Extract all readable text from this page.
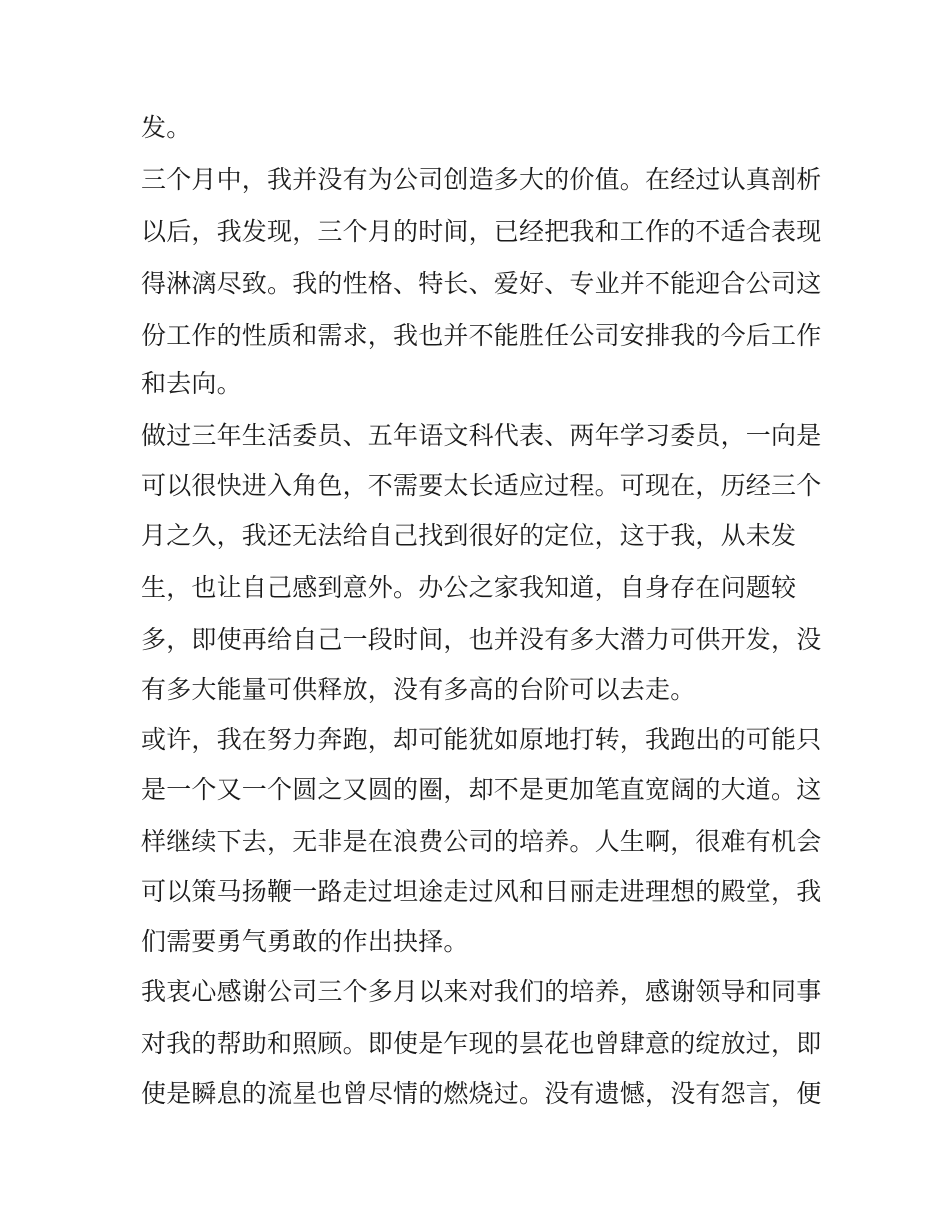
发。

三个月中，我并没有为公司创造多大的价值。在经过认真剖析

以后，我发现，三个月的时间，已经把我和工作的不适合表现

得淋漓尽致。我的性格、特长、爱好、专业并不能迎合公司这

份工作的性质和需求，我也并不能胜任公司安排我的今后工作

和去向。

做过三年生活委员、五年语文科代表、两年学习委员，一向是

可以很快进入角色，不需要太长适应过程。可现在，历经三个

月之久，我还无法给自己找到很好的定位，这于我，从未发

生，也让自己感到意外。办公之家我知道，自身存在问题较

多，即使再给自己一段时间，也并没有多大潜力可供开发，没

有多大能量可供释放，没有多高的台阶可以去走。

或许，我在努力奔跑，却可能犹如原地打转，我跑出的可能只

是一个又一个圆之又圆的圈，却不是更加笔直宽阔的大道。这

样继续下去，无非是在浪费公司的培养。人生啊，很难有机会

可以策马扬鞭一路走过坦途走过风和日丽走进理想的殿堂，我

们需要勇气勇敢的作出抉择。

我衷心感谢公司三个多月以来对我们的培养，感谢领导和同事

对我的帮助和照顾。即使是乍现的昙花也曾肆意的绽放过，即

使是瞬息的流星也曾尽情的燃烧过。没有遗憾，没有怨言，便
